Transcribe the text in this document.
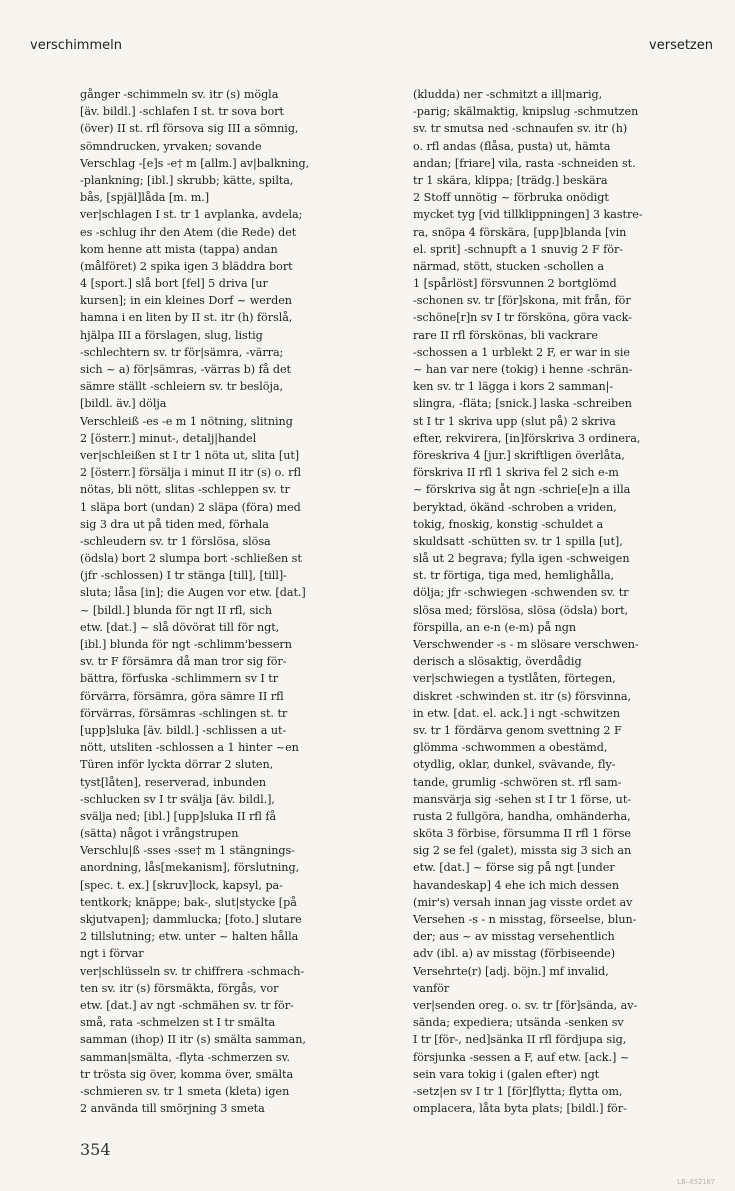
verschimmeln	versetzen
gånger -schimmeln sv. itr (s) mögla
[äv. bildl.] -schlafen I st. tr sova bort
(över) II st. rfl försova sig III a sömnig,
sömndrucken, yrvaken; sovande
Verschlag -[e]s -e† m [allm.] av|balkning,
-plankning; [ibl.] skrubb; kätte, spilta,
bås, [spjäl]låda [m. m.]
ver|schlagen I st. tr 1 avplanka, avdela;
es -schlug ihr den Atem (die Rede) det
kom henne att mista (tappa) andan
(målföret) 2 spika igen 3 bläddra bort
4 [sport.] slå bort [fel] 5 driva [ur
kursen]; in ein kleines Dorf ~ werden
hamna i en liten by II st. itr (h) förslå,
hjälpa III a förslagen, slug, listig
-schlechtern sv. tr för|sämra, -värra;
sich ~ a) för|sämras, -värras b) få det
sämre ställt -schleiern sv. tr beslöja,
[bildl. äv.] dölja
Verschleiß -es -e m 1 nötning, slitning
2 [österr.] minut-, detalj|handel
ver|schleißen st I tr 1 nöta ut, slita [ut]
2 [österr.] försälja i minut II itr (s) o. rfl
nötas, bli nött, slitas -schleppen sv. tr
1 släpa bort (undan) 2 släpa (föra) med
sig 3 dra ut på tiden med, förhala
-schleudern sv. tr 1 förslösa, slösa
(ödsla) bort 2 slumpa bort -schließen st
(jfr -schlossen) I tr stänga [till], [till]-
sluta; låsa [in]; die Augen vor etw. [dat.]
~ [bildl.] blunda för ngt II rfl, sich
etw. [dat.] ~ slå dövörat till för ngt,
[ibl.] blunda för ngt -schlimm'bessern
sv. tr F försämra då man tror sig för-
bättra, förfuska -schlimmern sv I tr
förvärra, försämra, göra sämre II rfl
förvärras, försämras -schlingen st. tr
[upp]sluka [äv. bildl.] -schlissen a ut-
nött, utsliten -schlossen a 1 hinter ~en
Türen inför lyckta dörrar 2 sluten,
tyst[låten], reserverad, inbunden
-schlucken sv I tr svälja [äv. bildl.],
svälja ned; [ibl.] [upp]sluka II rfl få
(sätta) något i vrångstrupen
Verschlu|ß -sses -sse† m 1 stängnings-
anordning, lås[mekanism], förslutning,
[spec. t. ex.] [skruv]lock, kapsyl, pa-
tentkork; knäppe; bak-, slut|stycke [på
skjutvapen]; dammlucka; [foto.] slutare
2 tillslutning; etw. unter ~ halten hålla
ngt i förvar
ver|schlüsseln sv. tr chiffrera -schmach-
ten sv. itr (s) försmäkta, förgås, vor
etw. [dat.] av ngt -schmähen sv. tr för-
små, rata -schmelzen st I tr smälta
samman (ihop) II itr (s) smälta samman,
samman|smälta, -flyta -schmerzen sv.
tr trösta sig över, komma över, smälta
-schmieren sv. tr 1 smeta (kleta) igen
2 använda till smörjning 3 smeta
(kludda) ner -schmitzt a ill|marig,
-parig; skälmaktig, knipslug -schmutzen
sv. tr smutsa ned -schnaufen sv. itr (h)
o. rfl andas (flåsa, pusta) ut, hämta
andan; [friare] vila, rasta -schneiden st.
tr 1 skära, klippa; [trädg.] beskära
2 Stoff unnötig ~ förbruka onödigt
mycket tyg [vid tillklippningen] 3 kastre-
ra, snöpa 4 förskära, [upp]blanda [vin
el. sprit] -schnupft a 1 snuvig 2 F för-
närmad, stött, stucken -schollen a
1 [spårlöst] försvunnen 2 bortglömd
-schonen sv. tr [för]skona, mit från, för
-schöne[r]n sv I tr försköna, göra vack-
rare II rfl förskönas, bli vackrare
-schossen a 1 urblekt 2 F, er war in sie
~ han var nere (tokig) i henne -schrän-
ken sv. tr 1 lägga i kors 2 samman|-
slingra, -fläta; [snick.] laska -schreiben
st I tr 1 skriva upp (slut på) 2 skriva
efter, rekvirera, [in]förskriva 3 ordinera,
föreskriva 4 [jur.] skriftligen överlåta,
förskriva II rfl 1 skriva fel 2 sich e-m
~ förskriva sig åt ngn -schrie[e]n a illa
beryktad, ökänd -schroben a vriden,
tokig, fnoskig, konstig -schuldet a
skuldsatt -schütten sv. tr 1 spilla [ut],
slå ut 2 begrava; fylla igen -schweigen
st. tr förtiga, tiga med, hemlighålla,
dölja; jfr -schwiegen -schwenden sv. tr
slösa med; förslösa, slösa (ödsla) bort,
förspilla, an e-n (e-m) på ngn
Verschwender -s - m slösare verschwen-
derisch a slösaktig, överdådig
ver|schwiegen a tystlåten, förtegen,
diskret -schwinden st. itr (s) försvinna,
in etw. [dat. el. ack.] i ngt -schwitzen
sv. tr 1 fördärva genom svettning 2 F
glömma -schwommen a obestämd,
otydlig, oklar, dunkel, svävande, fly-
tande, grumlig -schwören st. rfl sam-
mansvärja sig -sehen st I tr 1 förse, ut-
rusta 2 fullgöra, handha, omhänderha,
sköta 3 förbise, försumma II rfl 1 förse
sig 2 se fel (galet), missta sig 3 sich an
etw. [dat.] ~ förse sig på ngt [under
havandeskap] 4 ehe ich mich dessen
(mir's) versah innan jag visste ordet av
Versehen -s - n misstag, förseelse, blun-
der; aus ~ av misstag versehentlich
adv (ibl. a) av misstag (förbiseende)
Versehrte(r) [adj. böjn.] mf invalid,
vanför
ver|senden oreg. o. sv. tr [för]sända, av-
sända; expediera; utsända -senken sv
I tr [för-, ned]sänka II rfl fördjupa sig,
försjunka -sessen a F, auf etw. [ack.] ~
sein vara tokig i (galen efter) ngt
-setz|en sv I tr 1 [för]flytta; flytta om,
omplacera, låta byta plats; [bildl.] för-
354
LB—652107
